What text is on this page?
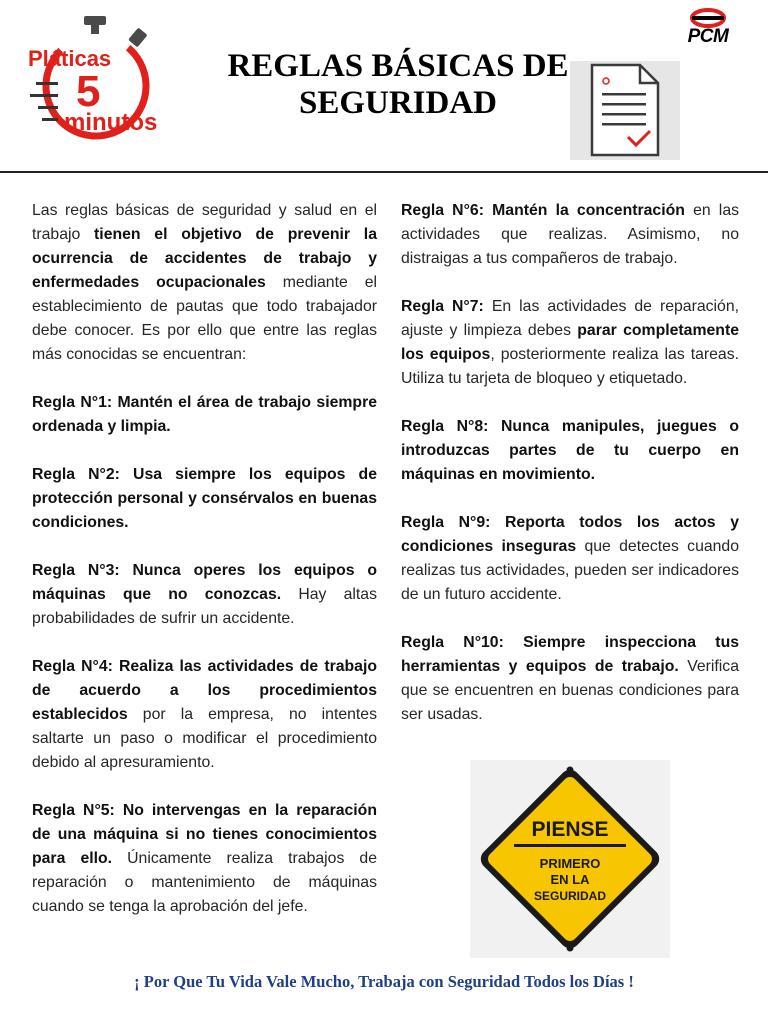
Pláticas
5
minutos
REGLAS BÁSICAS DE SEGURIDAD
PCM

Las reglas básicas de seguridad y salud en el trabajo tienen el objetivo de prevenir la ocurrencia de accidentes de trabajo y enfermedades ocupacionales mediante el establecimiento de pautas que todo trabajador debe conocer. Es por ello que entre las reglas más conocidas se encuentran:

Regla N°1: Mantén el área de trabajo siempre ordenada y limpia.

Regla N°2: Usa siempre los equipos de protección personal y consérvalos en buenas condiciones.

Regla N°3: Nunca operes los equipos o máquinas que no conozcas. Hay altas probabilidades de sufrir un accidente.

Regla N°4: Realiza las actividades de trabajo de acuerdo a los procedimientos establecidos por la empresa, no intentes saltarte un paso o modificar el procedimiento debido al apresuramiento.

Regla N°5: No intervengas en la reparación de una máquina si no tienes conocimientos para ello. Únicamente realiza trabajos de reparación o mantenimiento de máquinas cuando se tenga la aprobación del jefe.

Regla N°6: Mantén la concentración en las actividades que realizas. Asimismo, no distraigas a tus compañeros de trabajo.

Regla N°7: En las actividades de reparación, ajuste y limpieza debes parar completamente los equipos, posteriormente realiza las tareas. Utiliza tu tarjeta de bloqueo y etiquetado.

Regla N°8: Nunca manipules, juegues o introduzcas partes de tu cuerpo en máquinas en movimiento.

Regla N°9: Reporta todos los actos y condiciones inseguras que detectes cuando realizas tus actividades, pueden ser indicadores de un futuro accidente.

Regla N°10: Siempre inspecciona tus herramientas y equipos de trabajo. Verifica que se encuentren en buenas condiciones para ser usadas.

PIENSE
PRIMERO
EN LA
SEGURIDAD
¡ Por Que Tu Vida Vale Mucho, Trabaja con Seguridad Todos los Días !
